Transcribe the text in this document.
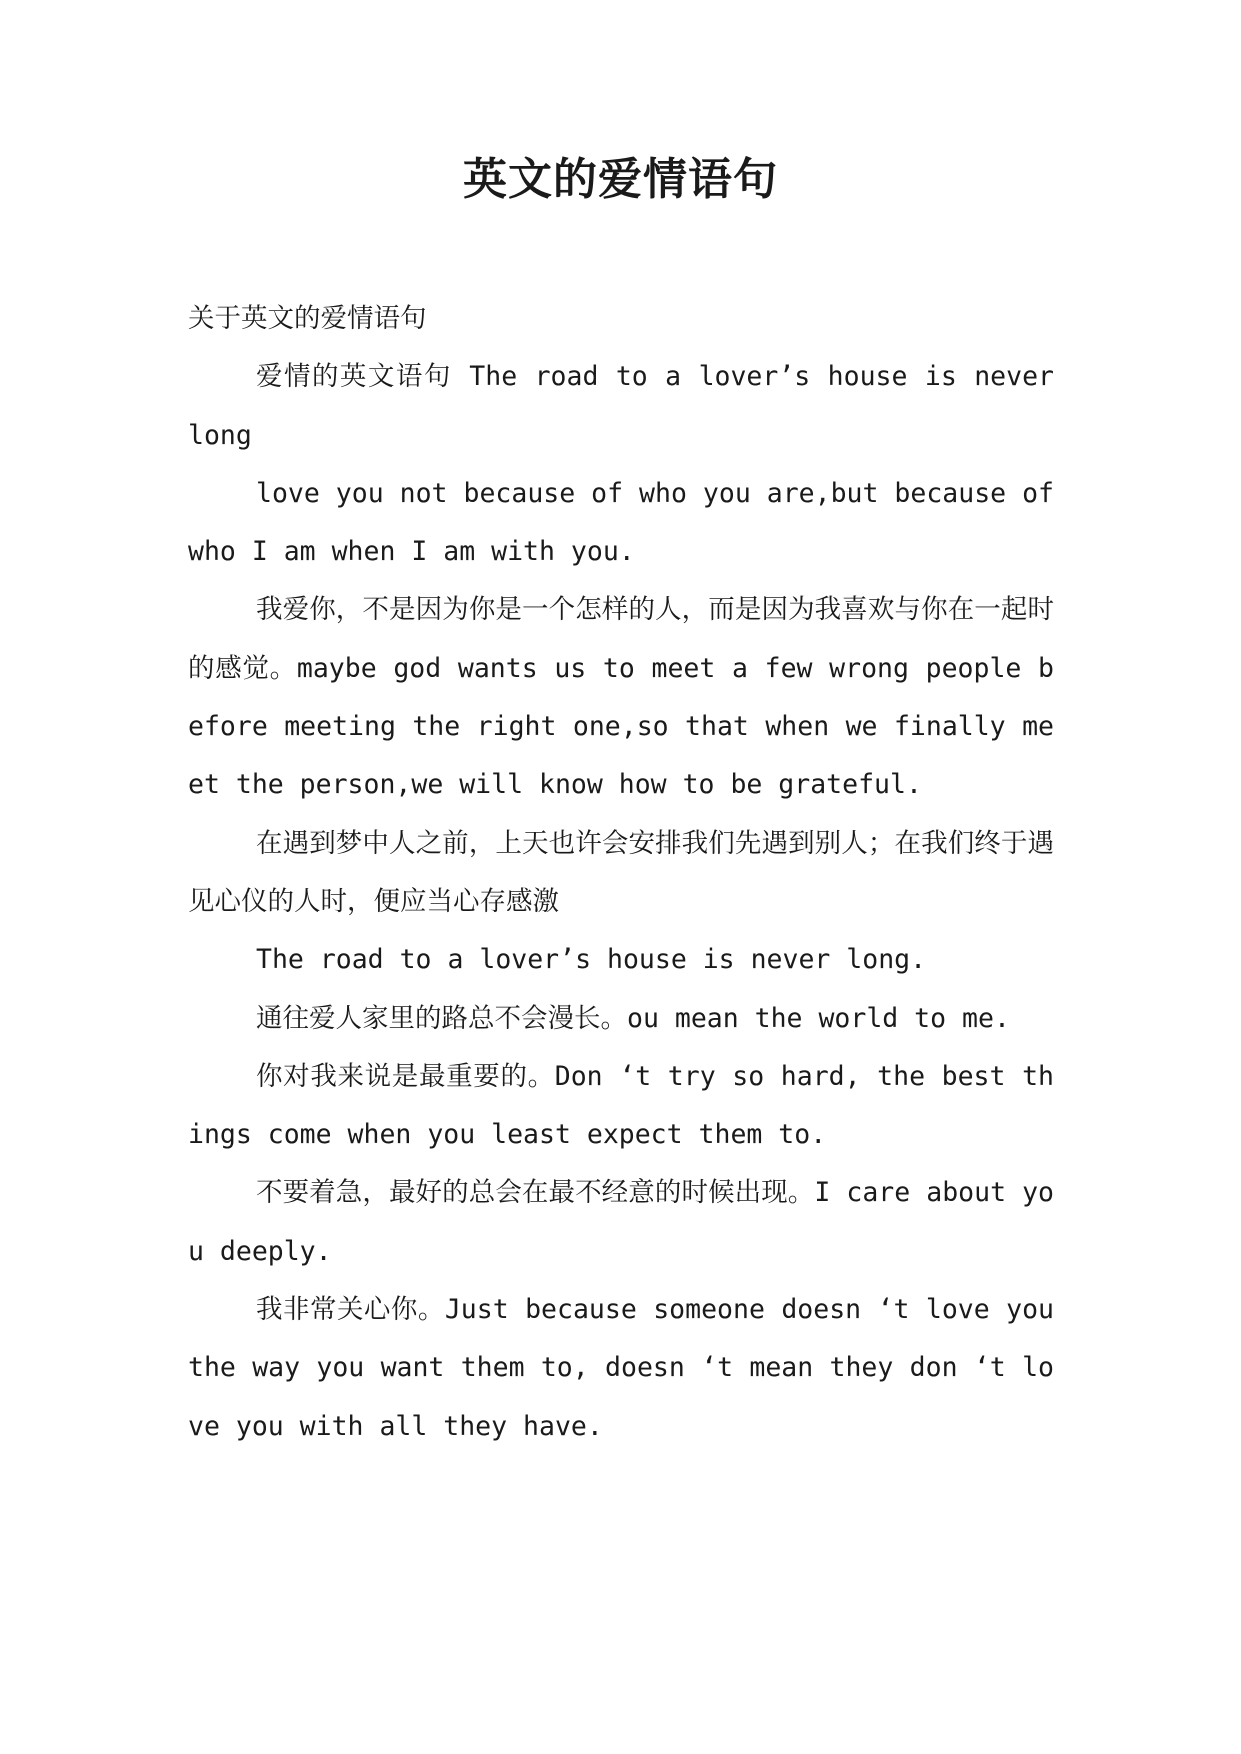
英文的爱情语句

关于英文的爱情语句

爱情的英文语句 The road to a lover’s house is never long

love you not because of who you are,but because of who I am when I am with you.

我爱你，不是因为你是一个怎样的人，而是因为我喜欢与你在一起时的感觉。maybe god wants us to meet a few wrong people before meeting the right one,so that when we finally meet the person,we will know how to be grateful.

在遇到梦中人之前，上天也许会安排我们先遇到别人；在我们终于遇见心仪的人时，便应当心存感激

The road to a lover’s house is never long.

通往爱人家里的路总不会漫长。ou mean the world to me.

你对我来说是最重要的。Don ‘t try so hard, the best things come when you least expect them to.

不要着急，最好的总会在最不经意的时候出现。I care about you deeply.

我非常关心你。Just because someone doesn ‘t love you the way you want them to, doesn ‘t mean they don ‘t love you with all they have.
